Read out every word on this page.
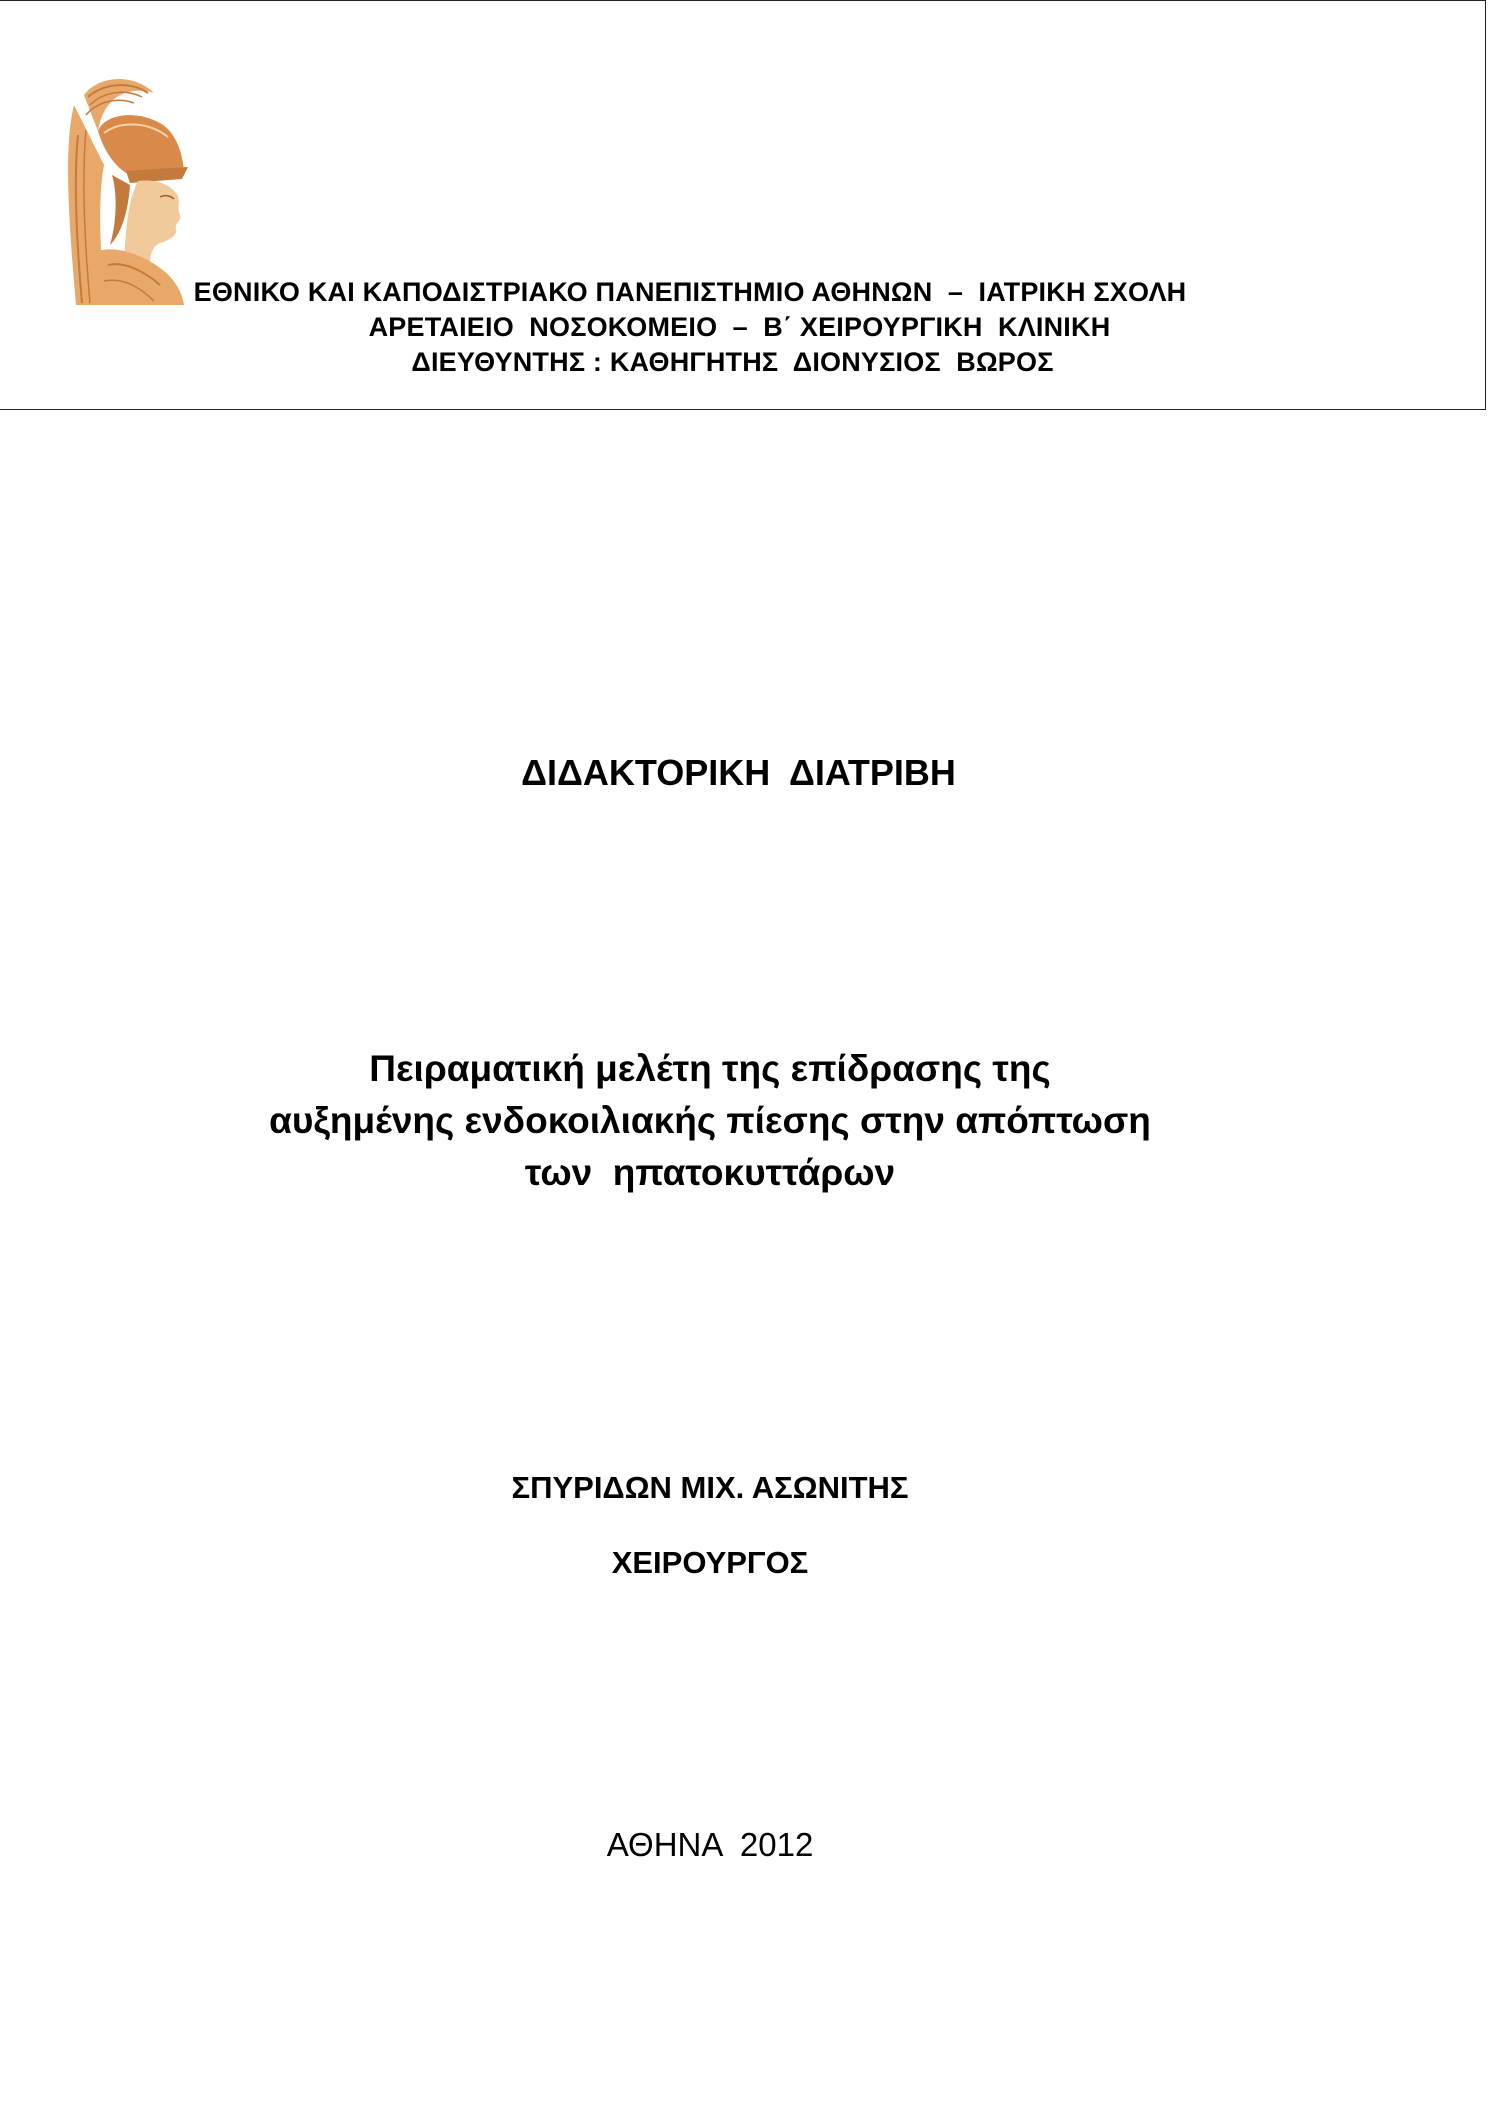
ΕΘΝΙΚΟ ΚΑΙ ΚΑΠΟΔΙΣΤΡΙΑΚΟ ΠΑΝΕΠΙΣΤΗΜΙΟ ΑΘΗΝΩΝ  –  ΙΑΤΡΙΚΗ ΣΧΟΛΗ
ΑΡΕΤΑΙΕΙΟ  ΝΟΣΟΚΟΜΕΙΟ  –  Β΄ ΧΕΙΡΟΥΡΓΙΚΗ  ΚΛΙΝΙΚΗ
ΔΙΕΥΘΥΝΤΗΣ : ΚΑΘΗΓΗΤΗΣ  ΔΙΟΝΥΣΙΟΣ  ΒΩΡΟΣ
ΔΙΔΑΚΤΟΡΙΚΗ  ΔΙΑΤΡΙΒΗ
Πειραματική μελέτη της επίδρασης της
αυξημένης ενδοκοιλιακής πίεσης στην απόπτωση
των  ηπατοκυττάρων
ΣΠΥΡΙΔΩΝ ΜΙΧ. ΑΣΩΝΙΤΗΣ
ΧΕΙΡΟΥΡΓΟΣ
ΑΘΗΝΑ  2012
